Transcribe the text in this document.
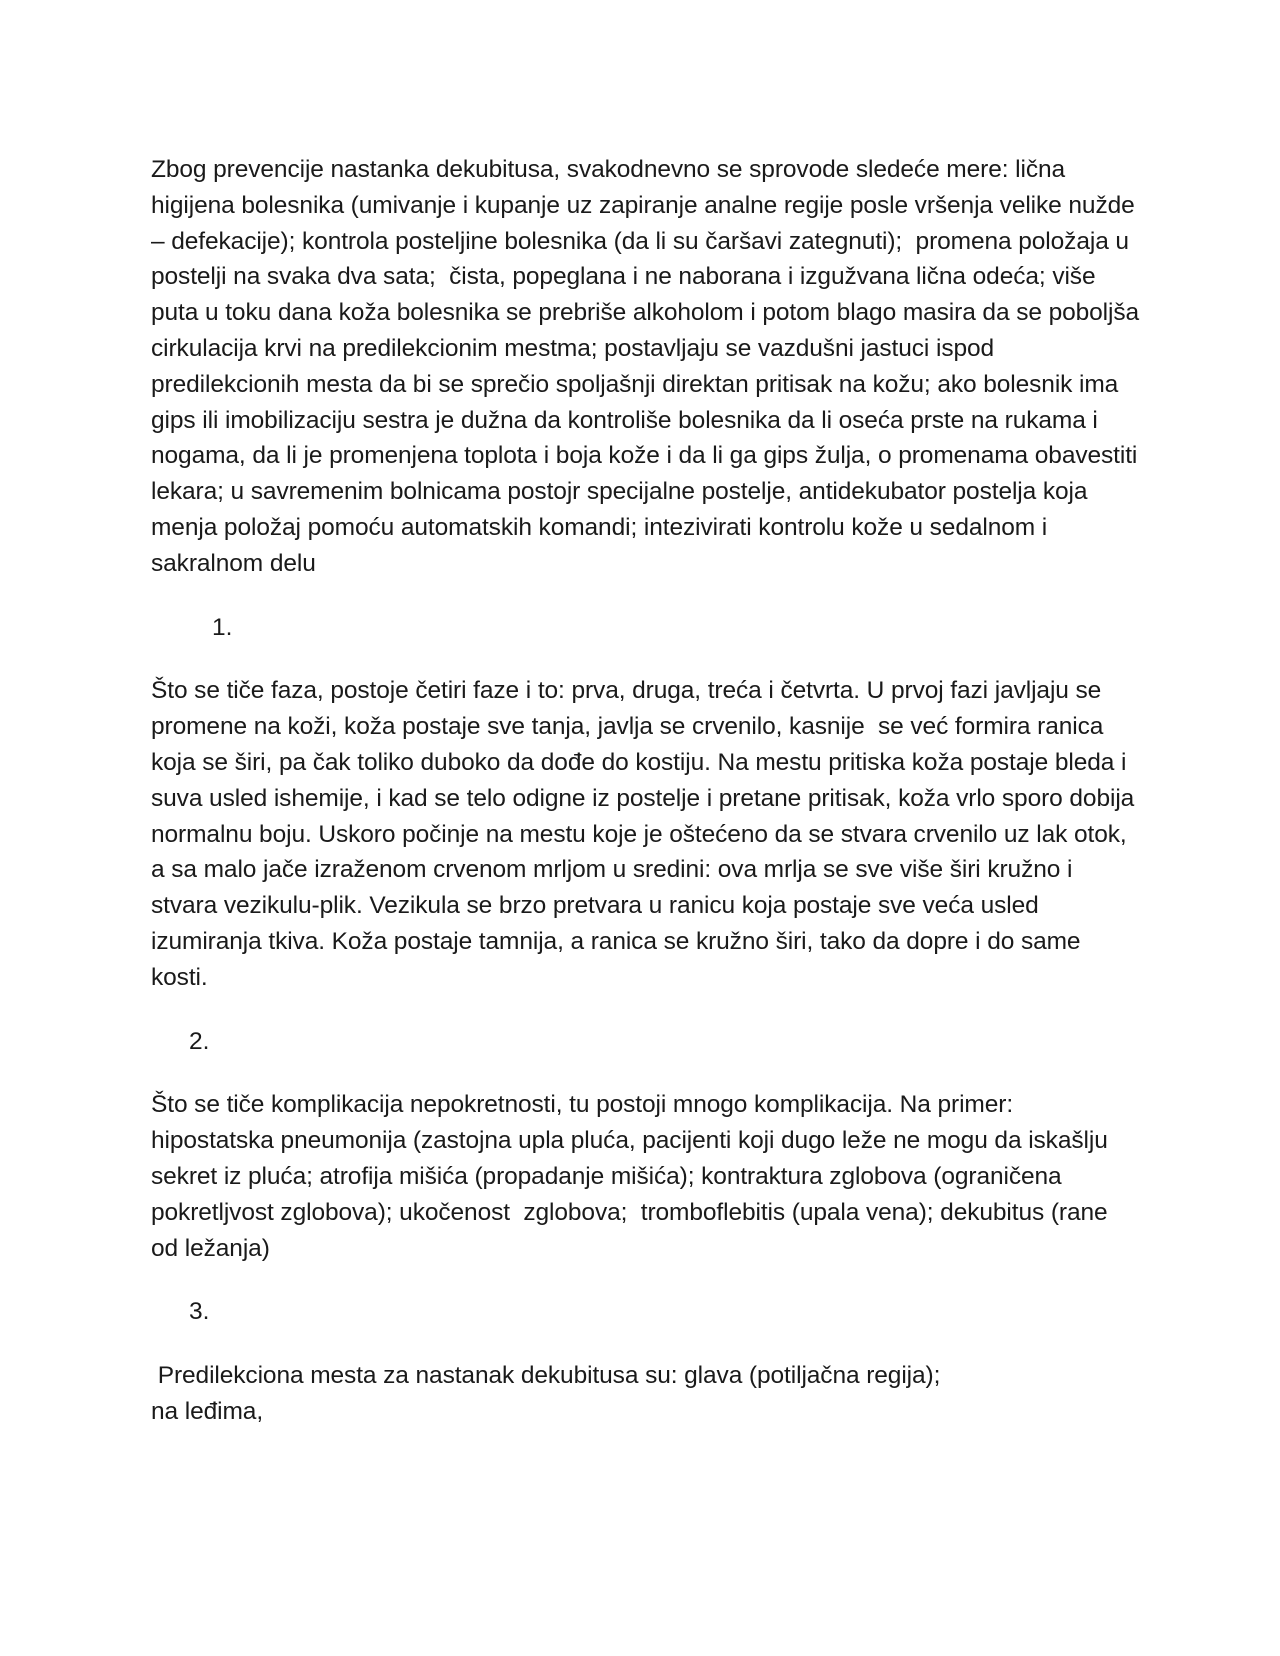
Zbog prevencije nastanka dekubitusa, svakodnevno se sprovode sledeće mere: lična higijena bolesnika (umivanje i kupanje uz zapiranje analne regije posle vršenja velike nužde – defekacije); kontrola posteljine bolesnika (da li su čaršavi zategnuti);  promena položaja u postelji na svaka dva sata;  čista, popeglana i ne naborana i izgužvana lična odeća; više puta u toku dana koža bolesnika se prebriše alkoholom i potom blago masira da se poboljša cirkulacija krvi na predilekcionim mestma; postavljaju se vazdušni jastuci ispod predilekcionih mesta da bi se sprečio spoljašnji direktan pritisak na kožu; ako bolesnik ima gips ili imobilizaciju sestra je dužna da kontroliše bolesnika da li oseća prste na rukama i nogama, da li je promenjena toplota i boja kože i da li ga gips žulja, o promenama obavestiti lekara; u savremenim bolnicama postojr specijalne postelje, antidekubator postelja koja menja položaj pomoću automatskih komandi; intezivirati kontrolu kože u sedalnom i sakralnom delu

1.

Što se tiče faza, postoje četiri faze i to: prva, druga, treća i četvrta. U prvoj fazi javljaju se promene na koži, koža postaje sve tanja, javlja se crvenilo, kasnije  se već formira ranica koja se širi, pa čak toliko duboko da dođe do kostiju. Na mestu pritiska koža postaje bleda i suva usled ishemije, i kad se telo odigne iz postelje i pretane pritisak, koža vrlo sporo dobija normalnu boju. Uskoro počinje na mestu koje je oštećeno da se stvara crvenilo uz lak otok, a sa malo jače izraženom crvenom mrljom u sredini: ova mrlja se sve više širi kružno i stvara vezikulu-plik. Vezikula se brzo pretvara u ranicu koja postaje sve veća usled izumiranja tkiva. Koža postaje tamnija, a ranica se kružno širi, tako da dopre i do same kosti.

2.

Što se tiče komplikacija nepokretnosti, tu postoji mnogo komplikacija. Na primer: hipostatska pneumonija (zastojna upla pluća, pacijenti koji dugo leže ne mogu da iskašlju sekret iz pluća; atrofija mišića (propadanje mišića); kontraktura zglobova (ograničena pokretljvost zglobova); ukočenost  zglobova;  tromboflebitis (upala vena); dekubitus (rane od ležanja)

3.

Predilekciona mesta za nastanak dekubitusa su: glava (potiljačna regija);

na leđima,
